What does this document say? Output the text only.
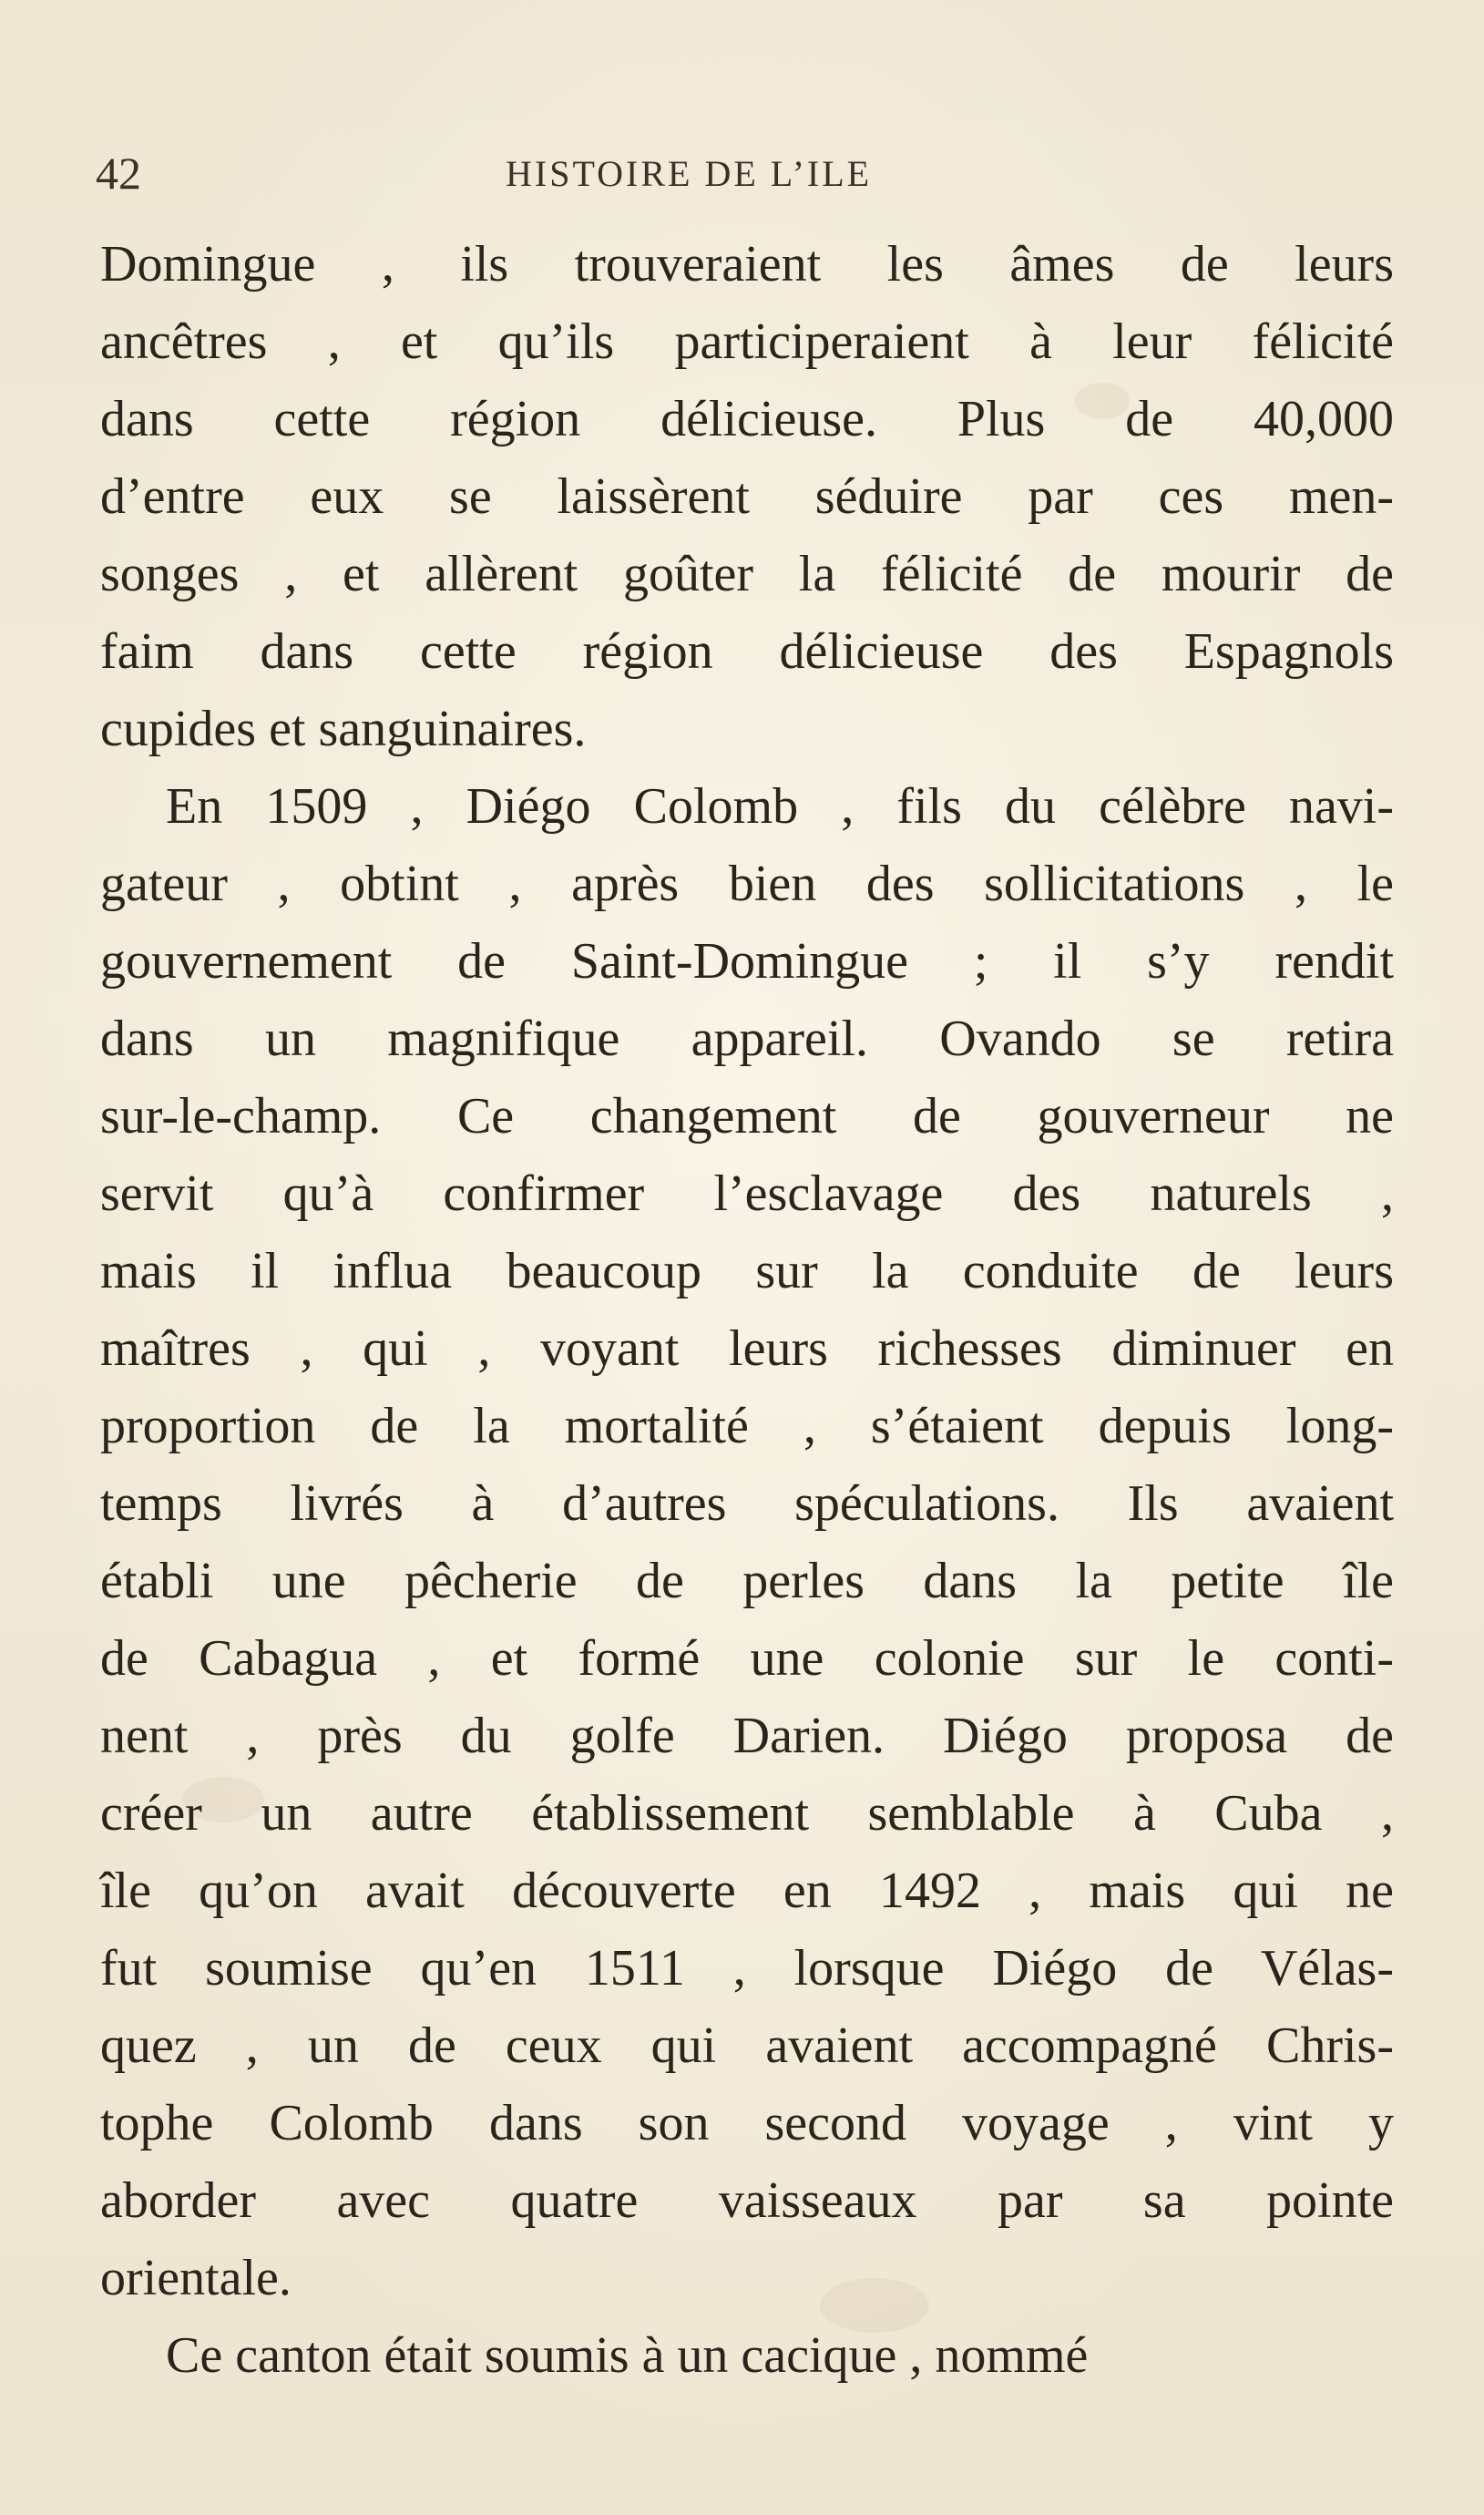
42	HISTOIRE DE L’ILE
Domingue , ils trouveraient les âmes de leurs
ancêtres , et qu’ils participeraient à leur félicité
dans cette région délicieuse. Plus de 40,000
d’entre eux se laissèrent séduire par ces men-
songes , et allèrent goûter la félicité de mourir de
faim dans cette région délicieuse des Espagnols
cupides et sanguinaires.
En 1509 , Diégo Colomb , fils du célèbre navi-
gateur , obtint , après bien des sollicitations , le
gouvernement de Saint-Domingue ; il s’y rendit
dans un magnifique appareil. Ovando se retira
sur-le-champ. Ce changement de gouverneur ne
servit qu’à confirmer l’esclavage des naturels ,
mais il influa beaucoup sur la conduite de leurs
maîtres , qui , voyant leurs richesses diminuer en
proportion de la mortalité , s’étaient depuis long-
temps livrés à d’autres spéculations. Ils avaient
établi une pêcherie de perles dans la petite île
de Cabagua , et formé une colonie sur le conti-
nent , près du golfe Darien. Diégo proposa de
créer un autre établissement semblable à Cuba ,
île qu’on avait découverte en 1492 , mais qui ne
fut soumise qu’en 1511 , lorsque Diégo de Vélas-
quez , un de ceux qui avaient accompagné Chris-
tophe Colomb dans son second voyage , vint y
aborder avec quatre vaisseaux par sa pointe
orientale.
Ce canton était soumis à un cacique , nommé
